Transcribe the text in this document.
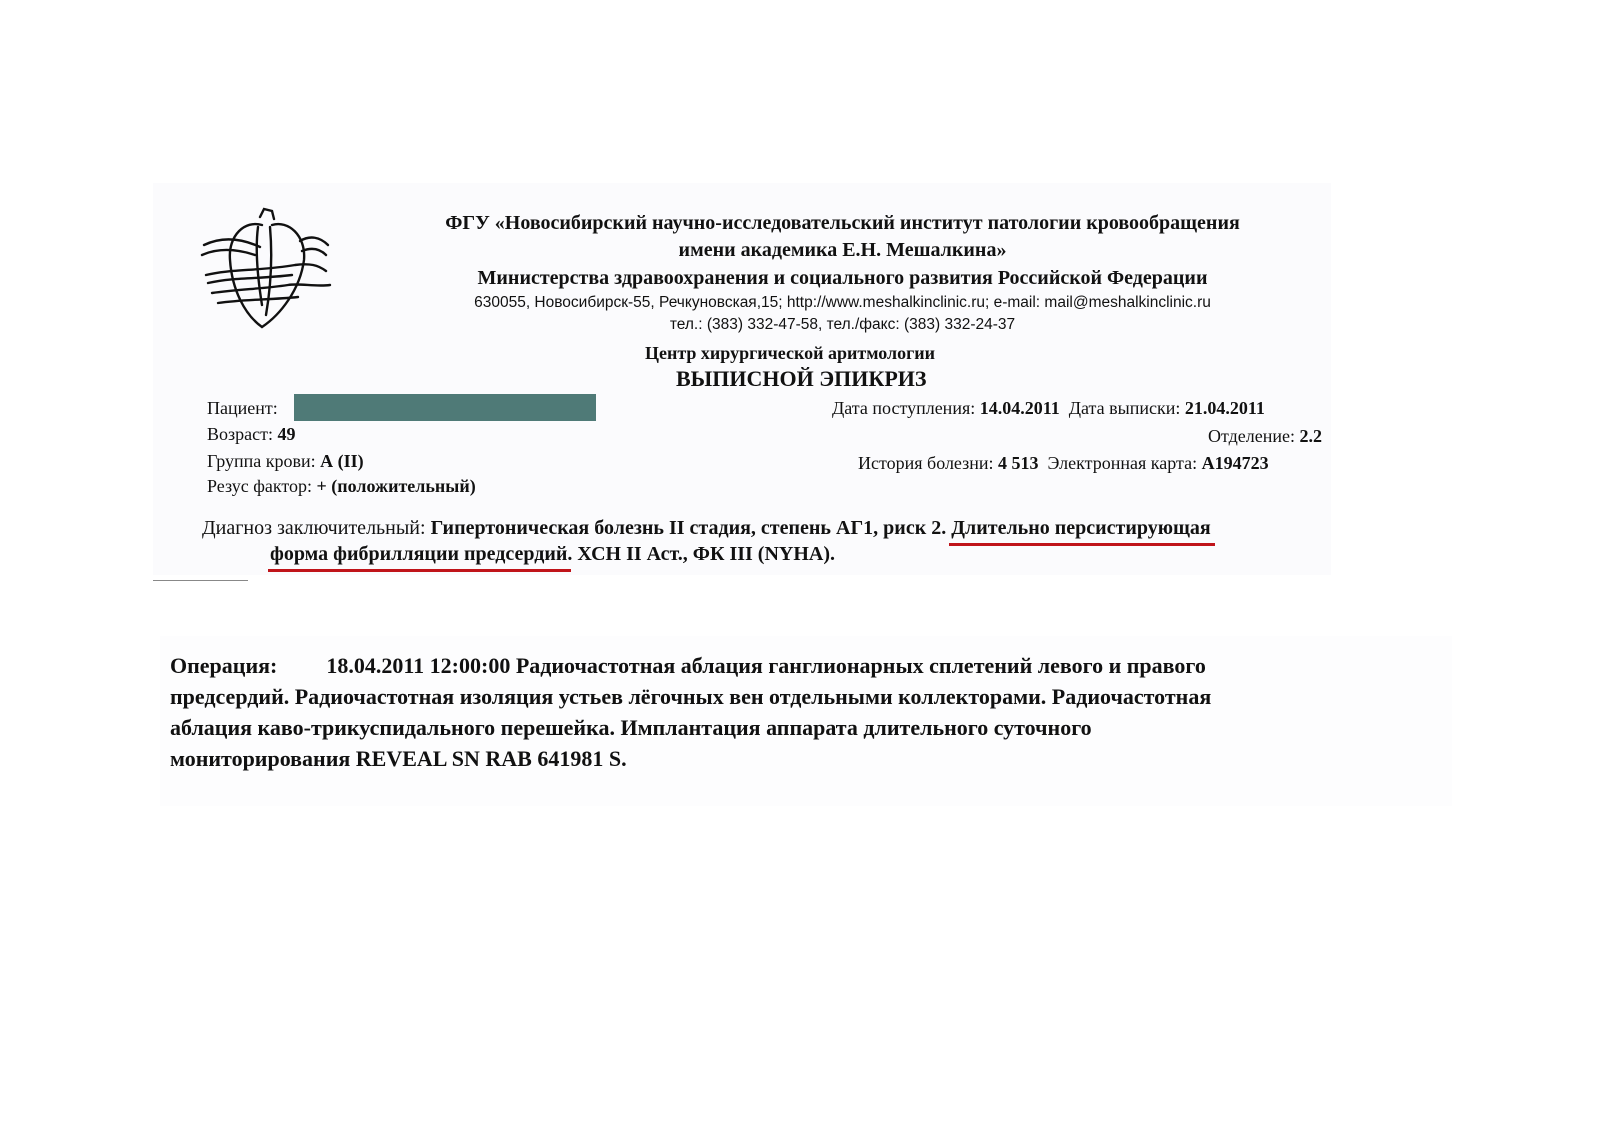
ФГУ «Новосибирский научно-исследовательский институт патологии кровообращения
имени академика Е.Н. Мешалкина»
Министерства здравоохранения и социального развития Российской Федерации
630055, Новосибирск-55, Речкуновская,15; http://www.meshalkinclinic.ru; e-mail: mail@meshalkinclinic.ru
тел.: (383) 332-47-58, тел./факс: (383) 332-24-37
Центр хирургической аритмологии
ВЫПИСНОЙ ЭПИКРИЗ
Пациент:	Дата поступления: 14.04.2011 Дата выписки: 21.04.2011
Возраст: 49	Отделение: 2.2
Группа крови: А (II)	История болезни: 4 513 Электронная карта: А194723
Резус фактор: + (положительный)
Диагноз заключительный: Гипертоническая болезнь II стадия, степень АГ1, риск 2. Длительно персистирующая
форма фибрилляции предсердий. ХСН II Аст., ФК III (NYHA).
Операция: 18.04.2011 12:00:00 Радиочастотная аблация ганглионарных сплетений левого и правого
предсердий. Радиочастотная изоляция устьев лёгочных вен отдельными коллекторами. Радиочастотная
аблация каво-трикуспидального перешейка. Имплантация аппарата длительного суточного
мониторирования REVEAL SN RAB 641981 S.
